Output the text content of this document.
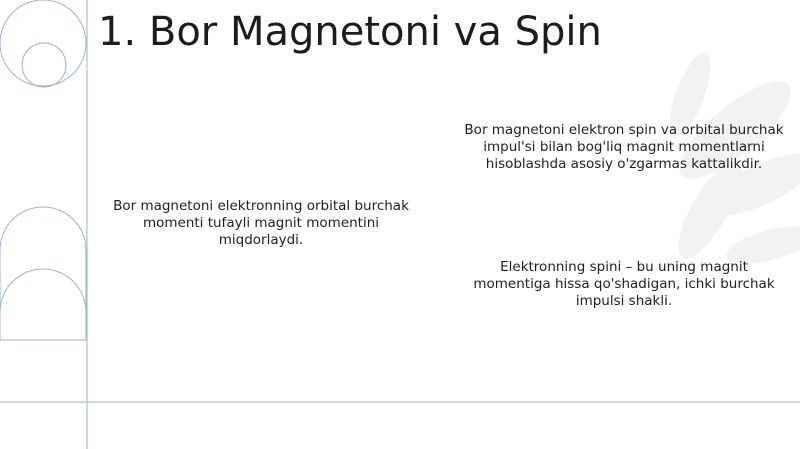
1. Bor Magnetoni va Spin

Bor magnetoni elektronning orbital burchak momenti tufayli magnit momentini miqdorlaydi.

Bor magnetoni elektron spin va orbital burchak impul'si bilan bog'liq magnit momentlarni hisoblashda asosiy o'zgarmas kattalikdir.

Elektronning spini – bu uning magnit momentiga hissa qo'shadigan, ichki burchak impulsi shakli.
